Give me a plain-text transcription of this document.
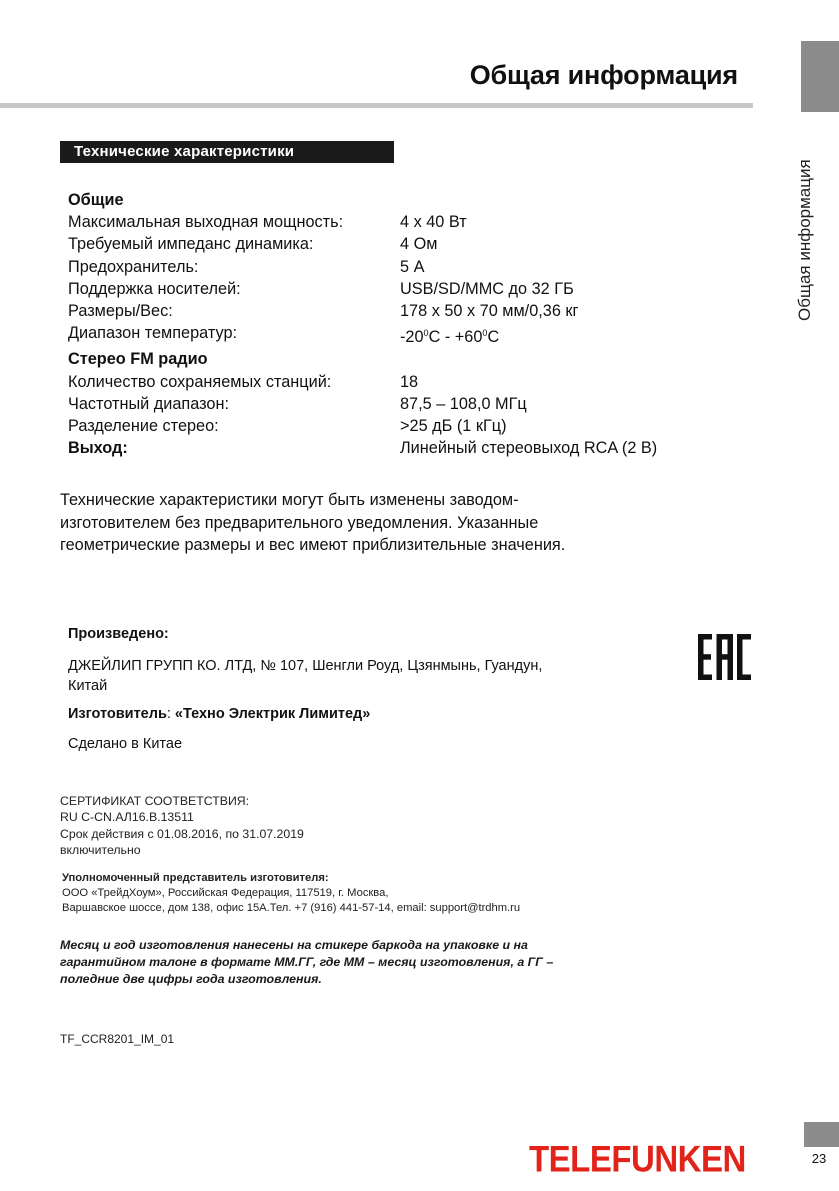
Общая информация
Общая информация
Технические характеристики
Общие
Максимальная выходная мощность:	4 х 40 Вт
Требуемый импеданс динамика:	4 Ом
Предохранитель:	5 А
Поддержка носителей:	USB/SD/MMC до 32 ГБ
Размеры/Вес:	178 х 50 х 70 мм/0,36 кг
Диапазон температур:	$-20^0С - +60^0С$
Стерео FM радио
Количество сохраняемых станций:	18
Частотный диапазон:	87,5 – 108,0 МГц
Разделение стерео:	>25 дБ (1 кГц)
Выход:	Линейный стереовыход RCA (2 В)
Технические характеристики могут быть изменены заводом-
изготовителем без предварительного уведомления. Указанные
геометрические размеры и вес имеют приблизительные значения.
Произведено:
ДЖЕЙЛИП ГРУПП КО. ЛТД, № 107, Шенгли Роуд, Цзянмынь, Гуандун,
Китай
Изготовитель: «Техно Электрик Лимитед»
Сделано в Китае
СЕРТИФИКАТ СООТВЕТСТВИЯ:
RU C-CN.АЛ16.В.13511
Срок действия с 01.08.2016, по 31.07.2019
включительно
Уполномоченный представитель изготовителя:
ООО «ТрейдХоум», Российская Федерация, 117519, г. Москва,
Варшавское шоссе, дом 138, офис 15А.Тел. +7 (916) 441-57-14, email: support@trdhm.ru
Месяц и год изготовления нанесены на стикере баркода на упаковке и на
гарантийном талоне в формате ММ.ГГ, где ММ – месяц изготовления, а ГГ –
поледние две цифры года изготовления.
TF_CCR8201_IM_01
TELEFUNKEN	23
